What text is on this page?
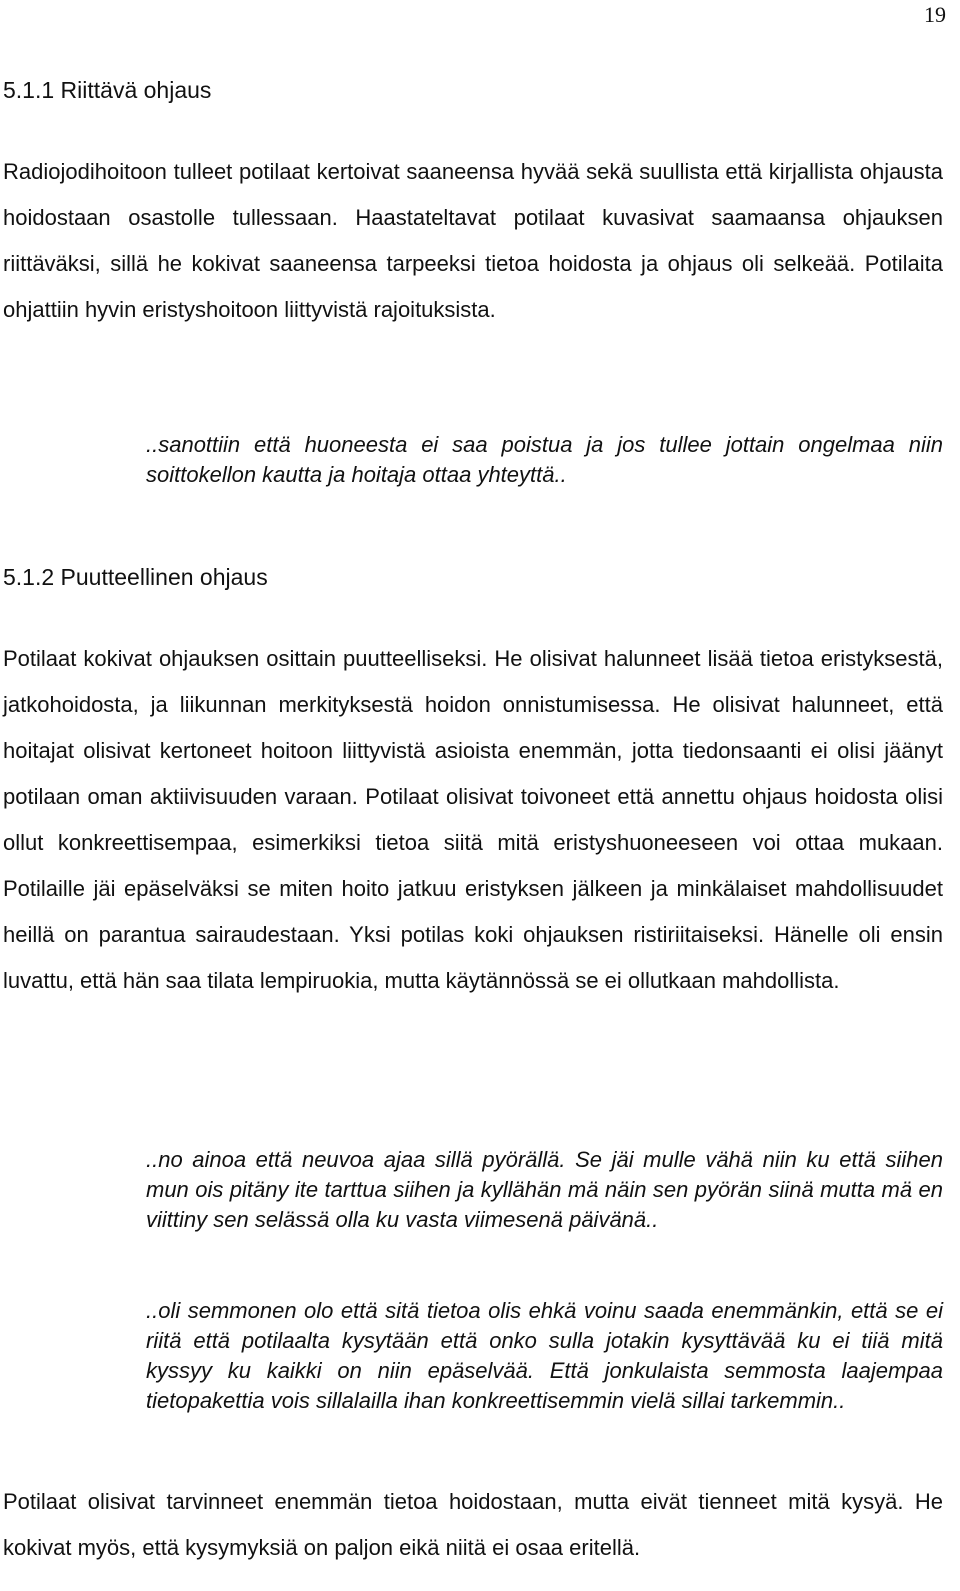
19
5.1.1 Riittävä ohjaus

Radiojodihoitoon tulleet potilaat kertoivat saaneensa hyvää sekä suullista että kirjallista ohjausta hoidostaan osastolle tullessaan. Haastateltavat potilaat kuvasivat saamaansa ohjauksen riittäväksi, sillä he kokivat saaneensa tarpeeksi tietoa hoidosta ja ohjaus oli selkeää. Potilaita ohjattiin hyvin eristyshoitoon liittyvistä rajoituksista.

..sanottiin että huoneesta ei saa poistua ja jos tullee jottain ongelmaa niin soittokellon kautta ja hoitaja ottaa yhteyttä..

5.1.2 Puutteellinen ohjaus

Potilaat kokivat ohjauksen osittain puutteelliseksi. He olisivat halunneet lisää tietoa eristyksestä, jatkohoidosta, ja liikunnan merkityksestä hoidon onnistumisessa. He olisivat halunneet, että hoitajat olisivat kertoneet hoitoon liittyvistä asioista enemmän, jotta tiedonsaanti ei olisi jäänyt potilaan oman aktiivisuuden varaan. Potilaat olisivat toivoneet että annettu ohjaus hoidosta olisi ollut konkreettisempaa, esimerkiksi tietoa siitä mitä eristyshuoneeseen voi ottaa mukaan. Potilaille jäi epäselväksi se miten hoito jatkuu eristyksen jälkeen ja minkälaiset mahdollisuudet heillä on parantua sairaudestaan. Yksi potilas koki ohjauksen ristiriitaiseksi. Hänelle oli ensin luvattu, että hän saa tilata lempiruokia, mutta käytännössä se ei ollutkaan mahdollista.

..no ainoa että neuvoa ajaa sillä pyörällä. Se jäi mulle vähä niin ku että siihen mun ois pitäny ite tarttua siihen ja kyllähän mä näin sen pyörän siinä mutta mä en viittiny sen selässä olla ku vasta viimesenä päivänä..

..oli semmonen olo että sitä tietoa olis ehkä voinu saada enemmänkin, että se ei riitä että potilaalta kysytään että onko sulla jotakin kysyttävää ku ei tiiä mitä kyssyy ku kaikki on niin epäselvää. Että jonkulaista semmosta laajempaa tietopakettia vois sillalailla ihan konkreettisemmin vielä sillai tarkemmin..

Potilaat olisivat tarvinneet enemmän tietoa hoidostaan, mutta eivät tienneet mitä kysyä. He kokivat myös, että kysymyksiä on paljon eikä niitä ei osaa eritellä.
